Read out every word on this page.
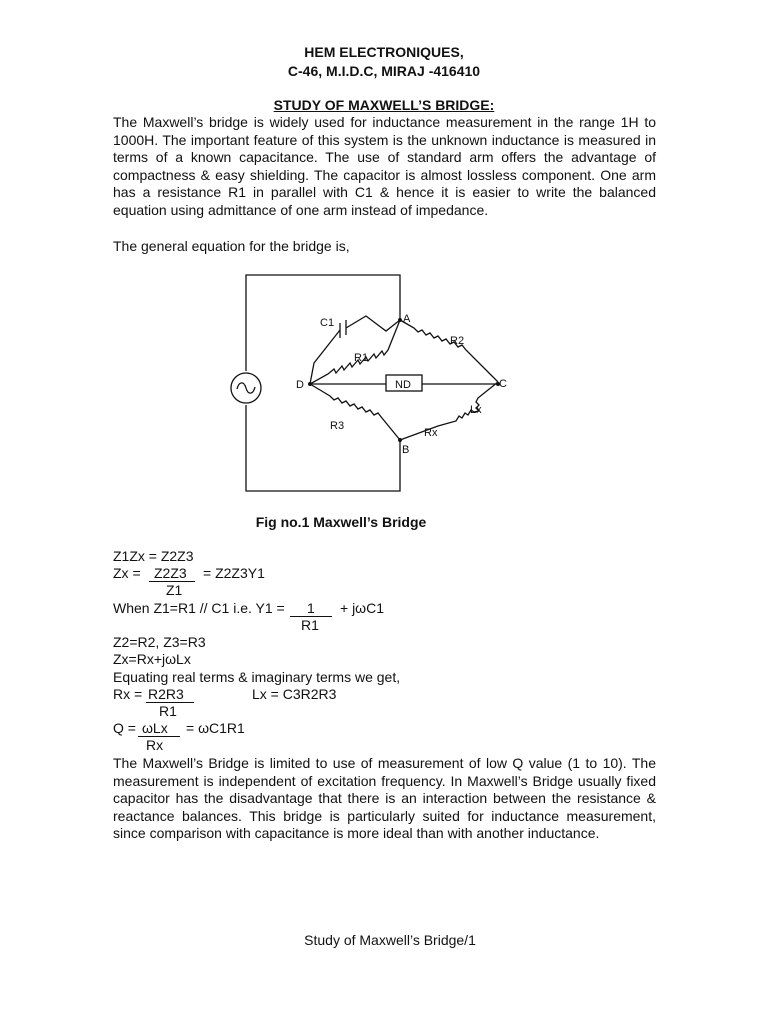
HEM ELECTRONIQUES,
C-46, M.I.D.C, MIRAJ -416410
STUDY OF MAXWELL’S BRIDGE:
The Maxwell’s bridge is widely used for inductance measurement in the range 1H to 1000H. The important feature of this system is the unknown inductance is measured in terms of a known capacitance. The use of standard arm offers the advantage of compactness & easy shielding. The capacitor is almost lossless component. One arm has a resistance R1 in parallel with C1 & hence it is easier to write the balanced equation using admittance of one arm instead of impedance.
The general equation for the bridge is,
C1
R1
R2
R3
Lx
Rx
ND
A
B
C
D
Fig no.1 Maxwell’s Bridge
Z1Zx = Z2Z3
Zx = Z2Z3 = Z2Z3Y1
Z1
When Z1=R1 // C1 i.e. Y1 = 1 + jωC1
R1
Z2=R2, Z3=R3
Zx=Rx+jωLx
Equating real terms & imaginary terms we get,
Rx = R2R3	Lx = C3R2R3
R1
Q = ωLx = ωC1R1
Rx
The Maxwell’s Bridge is limited to use of measurement of low Q value (1 to 10). The measurement is independent of excitation frequency. In Maxwell’s Bridge usually fixed capacitor has the disadvantage that there is an interaction between the resistance & reactance balances. This bridge is particularly suited for inductance measurement, since comparison with capacitance is more ideal than with another inductance.
Study of Maxwell’s Bridge/1
